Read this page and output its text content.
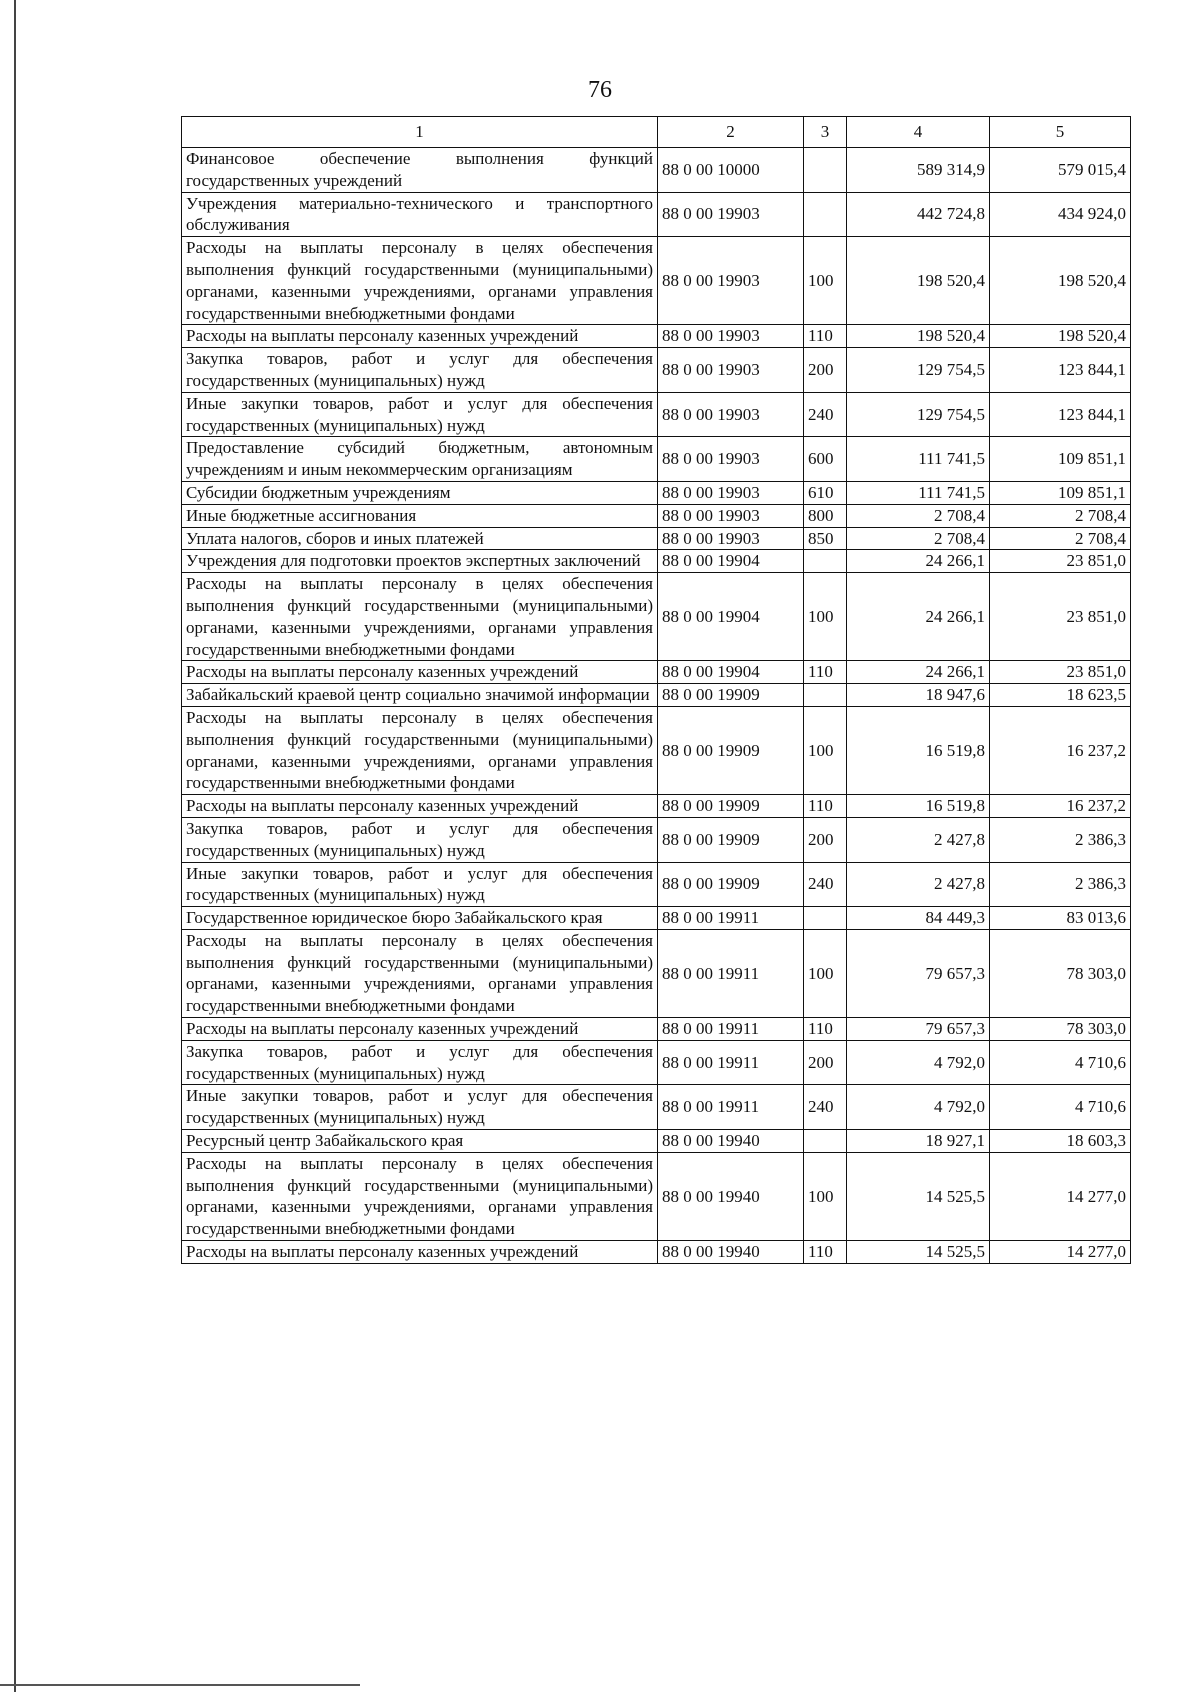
76
1	2	3	4	5
Финансовое обеспечение выполнения функций государственных учреждений	88 0 00 10000		589 314,9	579 015,4
Учреждения материально-технического и транспортного обслуживания	88 0 00 19903		442 724,8	434 924,0
Расходы на выплаты персоналу в целях обеспечения выполнения функций государственными (муниципальными) органами, казенными учреждениями, органами управления государственными внебюджетными фондами	88 0 00 19903	100	198 520,4	198 520,4
Расходы на выплаты персоналу казенных учреждений	88 0 00 19903	110	198 520,4	198 520,4
Закупка товаров, работ и услуг для обеспечения государственных (муниципальных) нужд	88 0 00 19903	200	129 754,5	123 844,1
Иные закупки товаров, работ и услуг для обеспечения государственных (муниципальных) нужд	88 0 00 19903	240	129 754,5	123 844,1
Предоставление субсидий бюджетным, автономным учреждениям и иным некоммерческим организациям	88 0 00 19903	600	111 741,5	109 851,1
Субсидии бюджетным учреждениям	88 0 00 19903	610	111 741,5	109 851,1
Иные бюджетные ассигнования	88 0 00 19903	800	2 708,4	2 708,4
Уплата налогов, сборов и иных платежей	88 0 00 19903	850	2 708,4	2 708,4
Учреждения для подготовки проектов экспертных заключений	88 0 00 19904		24 266,1	23 851,0
Расходы на выплаты персоналу в целях обеспечения выполнения функций государственными (муниципальными) органами, казенными учреждениями, органами управления государственными внебюджетными фондами	88 0 00 19904	100	24 266,1	23 851,0
Расходы на выплаты персоналу казенных учреждений	88 0 00 19904	110	24 266,1	23 851,0
Забайкальский краевой центр социально значимой информации	88 0 00 19909		18 947,6	18 623,5
Расходы на выплаты персоналу в целях обеспечения выполнения функций государственными (муниципальными) органами, казенными учреждениями, органами управления государственными внебюджетными фондами	88 0 00 19909	100	16 519,8	16 237,2
Расходы на выплаты персоналу казенных учреждений	88 0 00 19909	110	16 519,8	16 237,2
Закупка товаров, работ и услуг для обеспечения государственных (муниципальных) нужд	88 0 00 19909	200	2 427,8	2 386,3
Иные закупки товаров, работ и услуг для обеспечения государственных (муниципальных) нужд	88 0 00 19909	240	2 427,8	2 386,3
Государственное юридическое бюро Забайкальского края	88 0 00 19911		84 449,3	83 013,6
Расходы на выплаты персоналу в целях обеспечения выполнения функций государственными (муниципальными) органами, казенными учреждениями, органами управления государственными внебюджетными фондами	88 0 00 19911	100	79 657,3	78 303,0
Расходы на выплаты персоналу казенных учреждений	88 0 00 19911	110	79 657,3	78 303,0
Закупка товаров, работ и услуг для обеспечения государственных (муниципальных) нужд	88 0 00 19911	200	4 792,0	4 710,6
Иные закупки товаров, работ и услуг для обеспечения государственных (муниципальных) нужд	88 0 00 19911	240	4 792,0	4 710,6
Ресурсный центр Забайкальского края	88 0 00 19940		18 927,1	18 603,3
Расходы на выплаты персоналу в целях обеспечения выполнения функций государственными (муниципальными) органами, казенными учреждениями, органами управления государственными внебюджетными фондами	88 0 00 19940	100	14 525,5	14 277,0
Расходы на выплаты персоналу казенных учреждений	88 0 00 19940	110	14 525,5	14 277,0
